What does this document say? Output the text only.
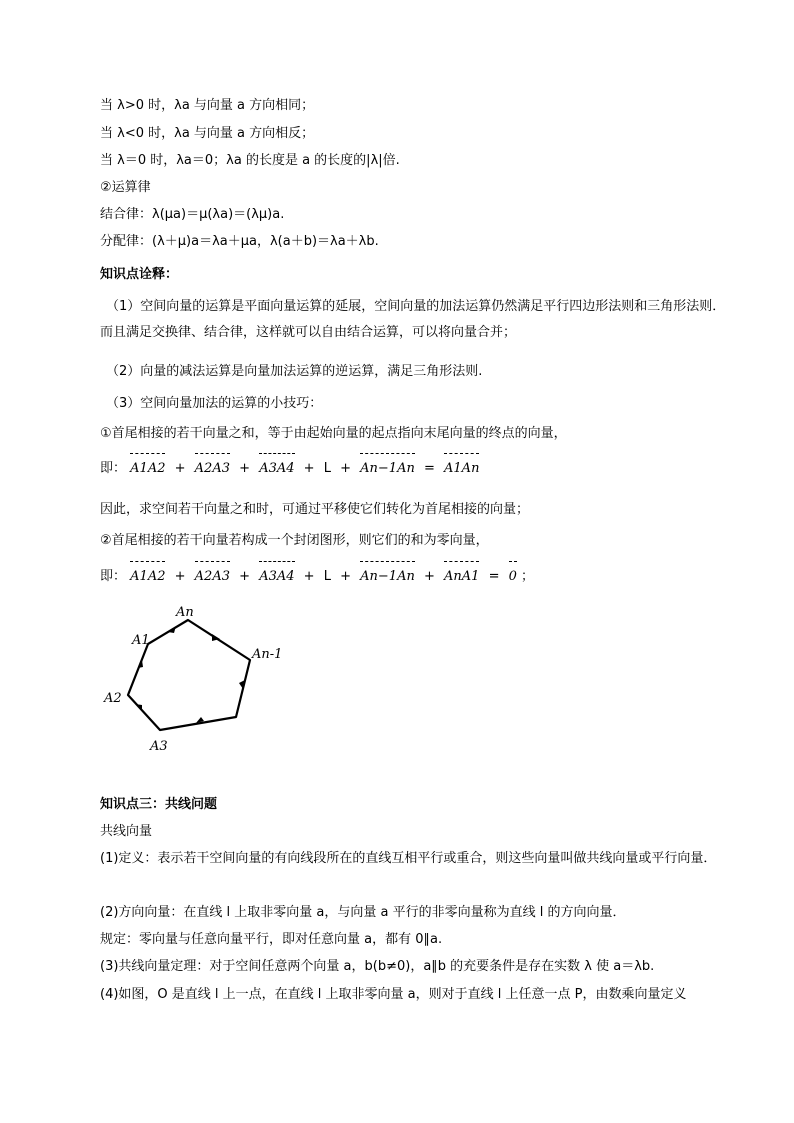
当 λ>0 时，λa 与向量 a 方向相同；
当 λ<0 时，λa 与向量 a 方向相反；
当 λ＝0 时，λa＝0；λa 的长度是 a 的长度的|λ|倍.
②运算律
结合律：λ(μa)＝μ(λa)＝(λμ)a.
分配律：(λ＋μ)a＝λa＋μa，λ(a＋b)＝λa＋λb.
知识点诠释：
（1）空间向量的运算是平面向量运算的延展，空间向量的加法运算仍然满足平行四边形法则和三角形法则．而且满足交换律、结合律，这样就可以自由结合运算，可以将向量合并；
（2）向量的减法运算是向量加法运算的逆运算，满足三角形法则.
（3）空间向量加法的运算的小技巧：
①首尾相接的若干向量之和，等于由起始向量的起点指向末尾向量的终点的向量，
即： A1A2 + A2A3 + A3A4 + L + An−1An = A1An
因此，求空间若干向量之和时，可通过平移使它们转化为首尾相接的向量；
②首尾相接的若干向量若构成一个封闭图形，则它们的和为零向量，
即： A1A2 + A2A3 + A3A4 + L + An−1An + AnA1 = 0 ；
An
A1
An-1
A2
A3
知识点三：共线问题
共线向量
(1)定义：表示若干空间向量的有向线段所在的直线互相平行或重合，则这些向量叫做共线向量或平行向量．
(2)方向向量：在直线 l 上取非零向量 a，与向量 a 平行的非零向量称为直线 l 的方向向量．
规定：零向量与任意向量平行，即对任意向量 a，都有 0∥a.
(3)共线向量定理：对于空间任意两个向量 a，b(b≠0)，a∥b 的充要条件是存在实数 λ 使 a＝λb.
(4)如图，O 是直线 l 上一点，在直线 l 上取非零向量 a，则对于直线 l 上任意一点 P，由数乘向量定义
